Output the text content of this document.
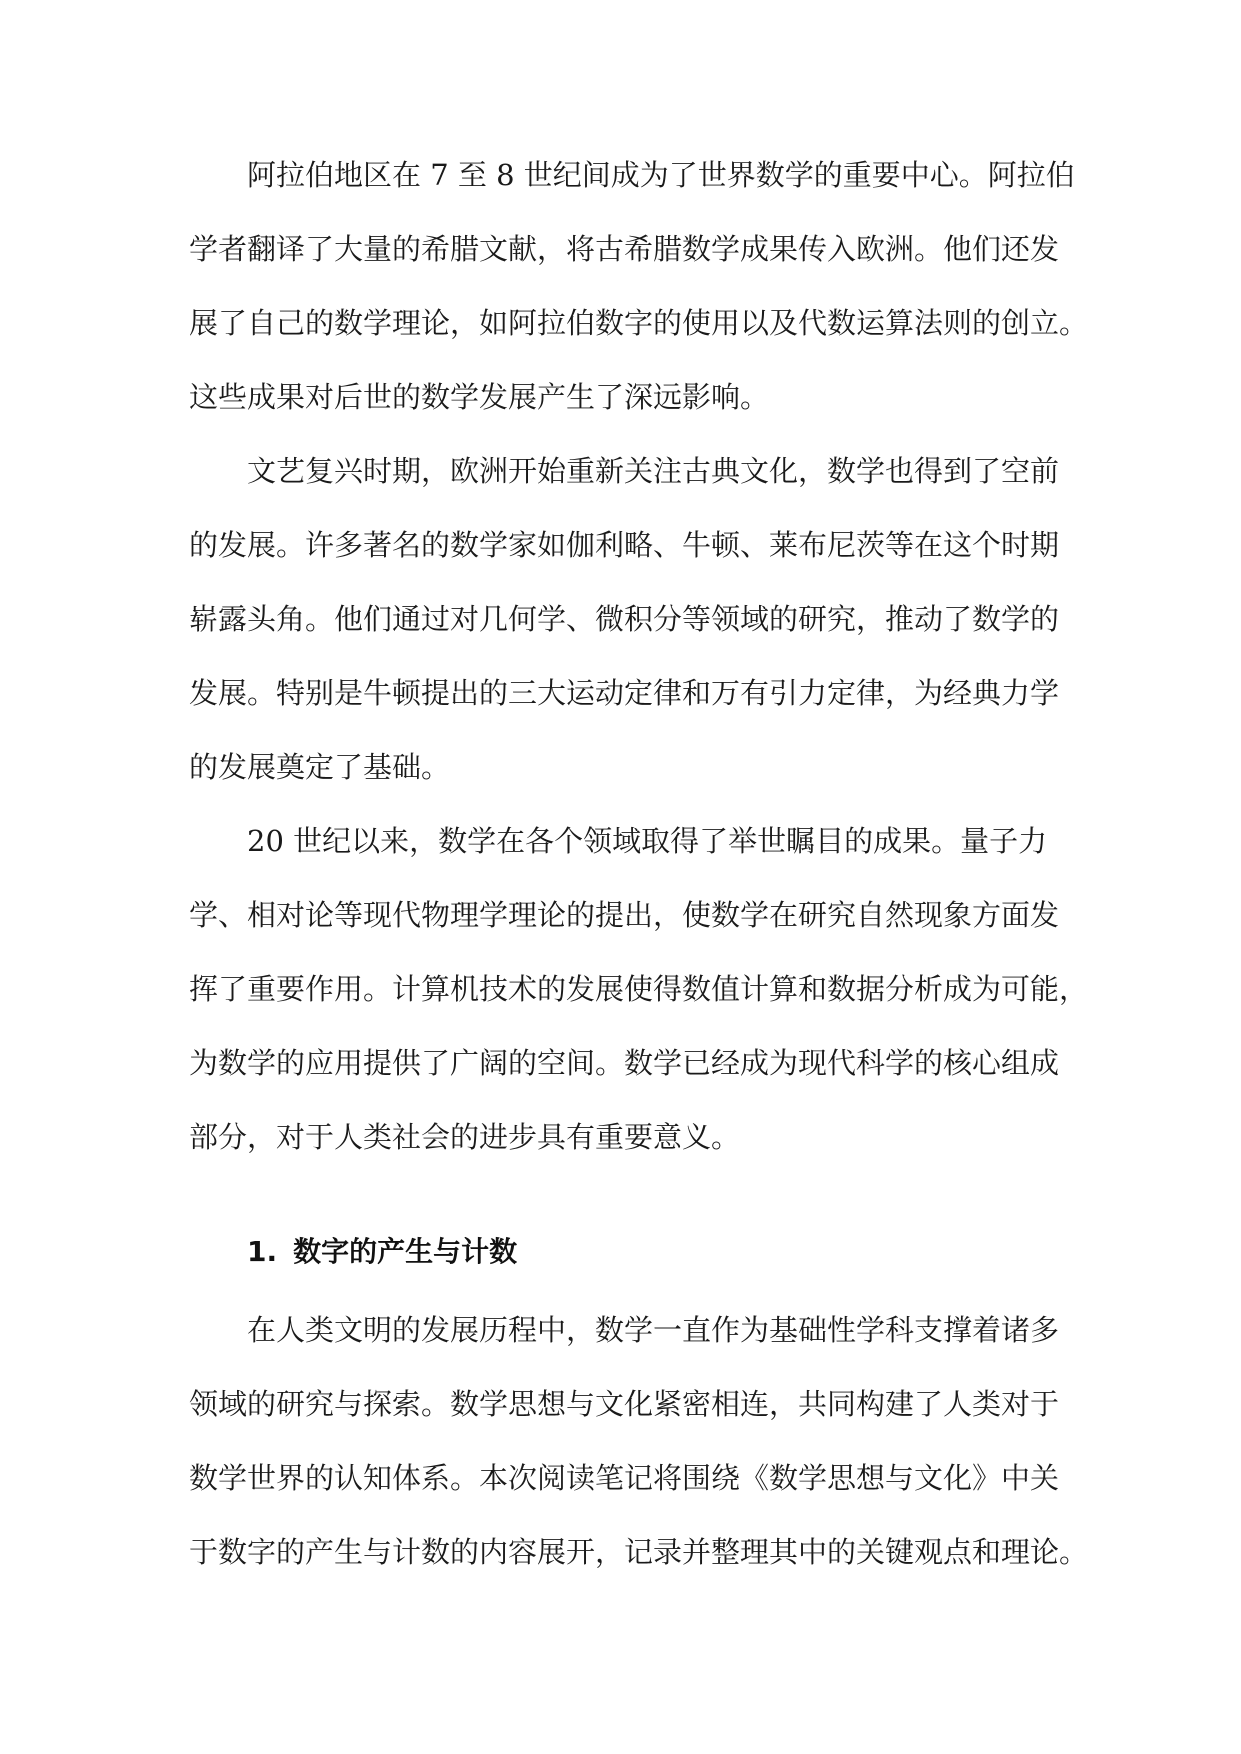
阿拉伯地区在 7 至 8 世纪间成为了世界数学的重要中心。阿拉伯

学者翻译了大量的希腊文献，将古希腊数学成果传入欧洲。他们还发

展了自己的数学理论，如阿拉伯数字的使用以及代数运算法则的创立。

这些成果对后世的数学发展产生了深远影响。

文艺复兴时期，欧洲开始重新关注古典文化，数学也得到了空前

的发展。许多著名的数学家如伽利略、牛顿、莱布尼茨等在这个时期

崭露头角。他们通过对几何学、微积分等领域的研究，推动了数学的

发展。特别是牛顿提出的三大运动定律和万有引力定律，为经典力学

的发展奠定了基础。

20 世纪以来，数学在各个领域取得了举世瞩目的成果。量子力

学、相对论等现代物理学理论的提出，使数学在研究自然现象方面发

挥了重要作用。计算机技术的发展使得数值计算和数据分析成为可能，

为数学的应用提供了广阔的空间。数学已经成为现代科学的核心组成

部分，对于人类社会的进步具有重要意义。

1. 数字的产生与计数

在人类文明的发展历程中，数学一直作为基础性学科支撑着诸多

领域的研究与探索。数学思想与文化紧密相连，共同构建了人类对于

数学世界的认知体系。本次阅读笔记将围绕《数学思想与文化》中关

于数字的产生与计数的内容展开，记录并整理其中的关键观点和理论。
